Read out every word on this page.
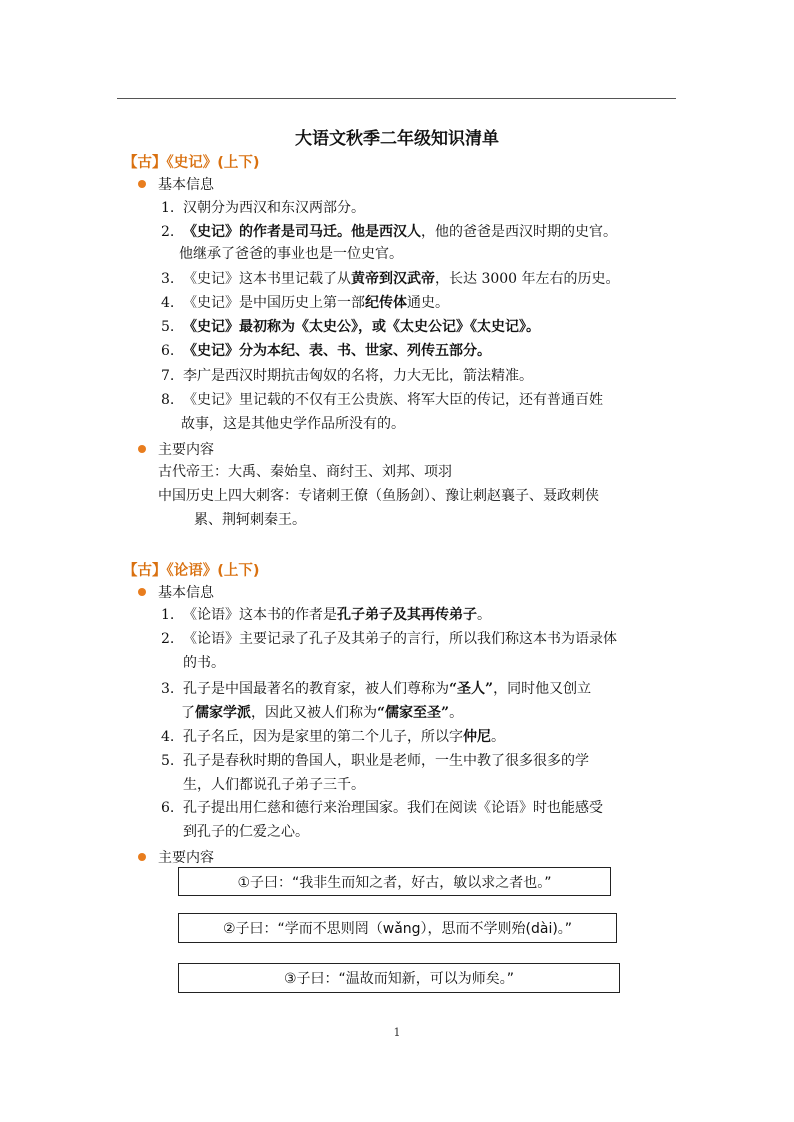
大语文秋季二年级知识清单
【古】《史记》(上下)
基本信息
1. 汉朝分为西汉和东汉两部分。
2. 《史记》的作者是司马迁。他是西汉人，他的爸爸是西汉时期的史官。
他继承了爸爸的事业也是一位史官。
3. 《史记》这本书里记载了从黄帝到汉武帝，长达 3000 年左右的历史。
4. 《史记》是中国历史上第一部纪传体通史。
5. 《史记》最初称为《太史公》，或《太史公记》《太史记》。
6. 《史记》分为本纪、表、书、世家、列传五部分。
7. 李广是西汉时期抗击匈奴的名将，力大无比，箭法精准。
8. 《史记》里记载的不仅有王公贵族、将军大臣的传记，还有普通百姓
故事，这是其他史学作品所没有的。
主要内容
古代帝王：大禹、秦始皇、商纣王、刘邦、项羽
中国历史上四大刺客：专诸刺王僚（鱼肠剑）、豫让刺赵襄子、聂政刺侠
累、荆轲刺秦王。
【古】《论语》(上下)
基本信息
1. 《论语》这本书的作者是孔子弟子及其再传弟子。
2. 《论语》主要记录了孔子及其弟子的言行，所以我们称这本书为语录体
的书。
3. 孔子是中国最著名的教育家，被人们尊称为“圣人”，同时他又创立
了儒家学派，因此又被人们称为“儒家至圣”。
4. 孔子名丘，因为是家里的第二个儿子，所以字仲尼。
5. 孔子是春秋时期的鲁国人，职业是老师，一生中教了很多很多的学
生，人们都说孔子弟子三千。
6. 孔子提出用仁慈和德行来治理国家。我们在阅读《论语》时也能感受
到孔子的仁爱之心。
主要内容
①子曰：“我非生而知之者，好古，敏以求之者也。”
②子曰：“学而不思则罔（wǎng），思而不学则殆(dài)。”
③子曰：“温故而知新，可以为师矣。”
1
